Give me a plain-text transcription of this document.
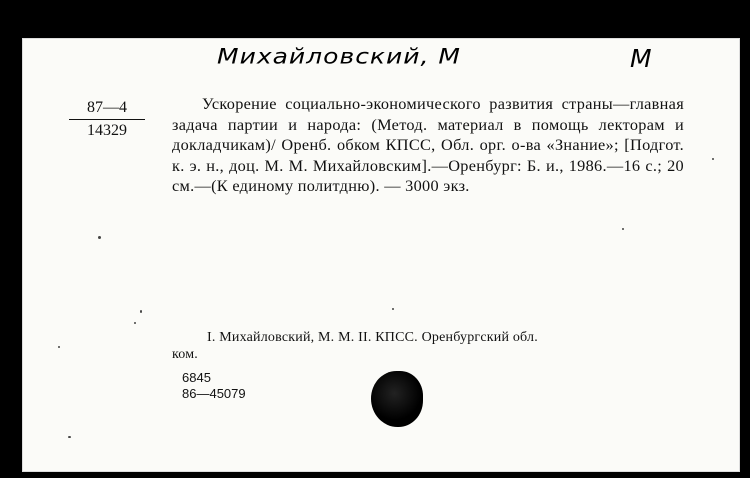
Михайловский, М	М
87—4
14329

Ускорение социально-экономического развития страны—главная задача партии и народа: (Метод. материал в помощь лекторам и докладчикам)/ Оренб. обком КПСС, Обл. орг. о-ва «Знание»; [Подгот. к. э. н., доц. М. М. Михайловским].—Оренбург: Б. и., 1986.—16 с.; 20 см.—(К единому политдню). — 3000 экз.

I. Михайловский, М. М. II. КПСС. Оренбургский обл.
ком.
6845
86—45079
